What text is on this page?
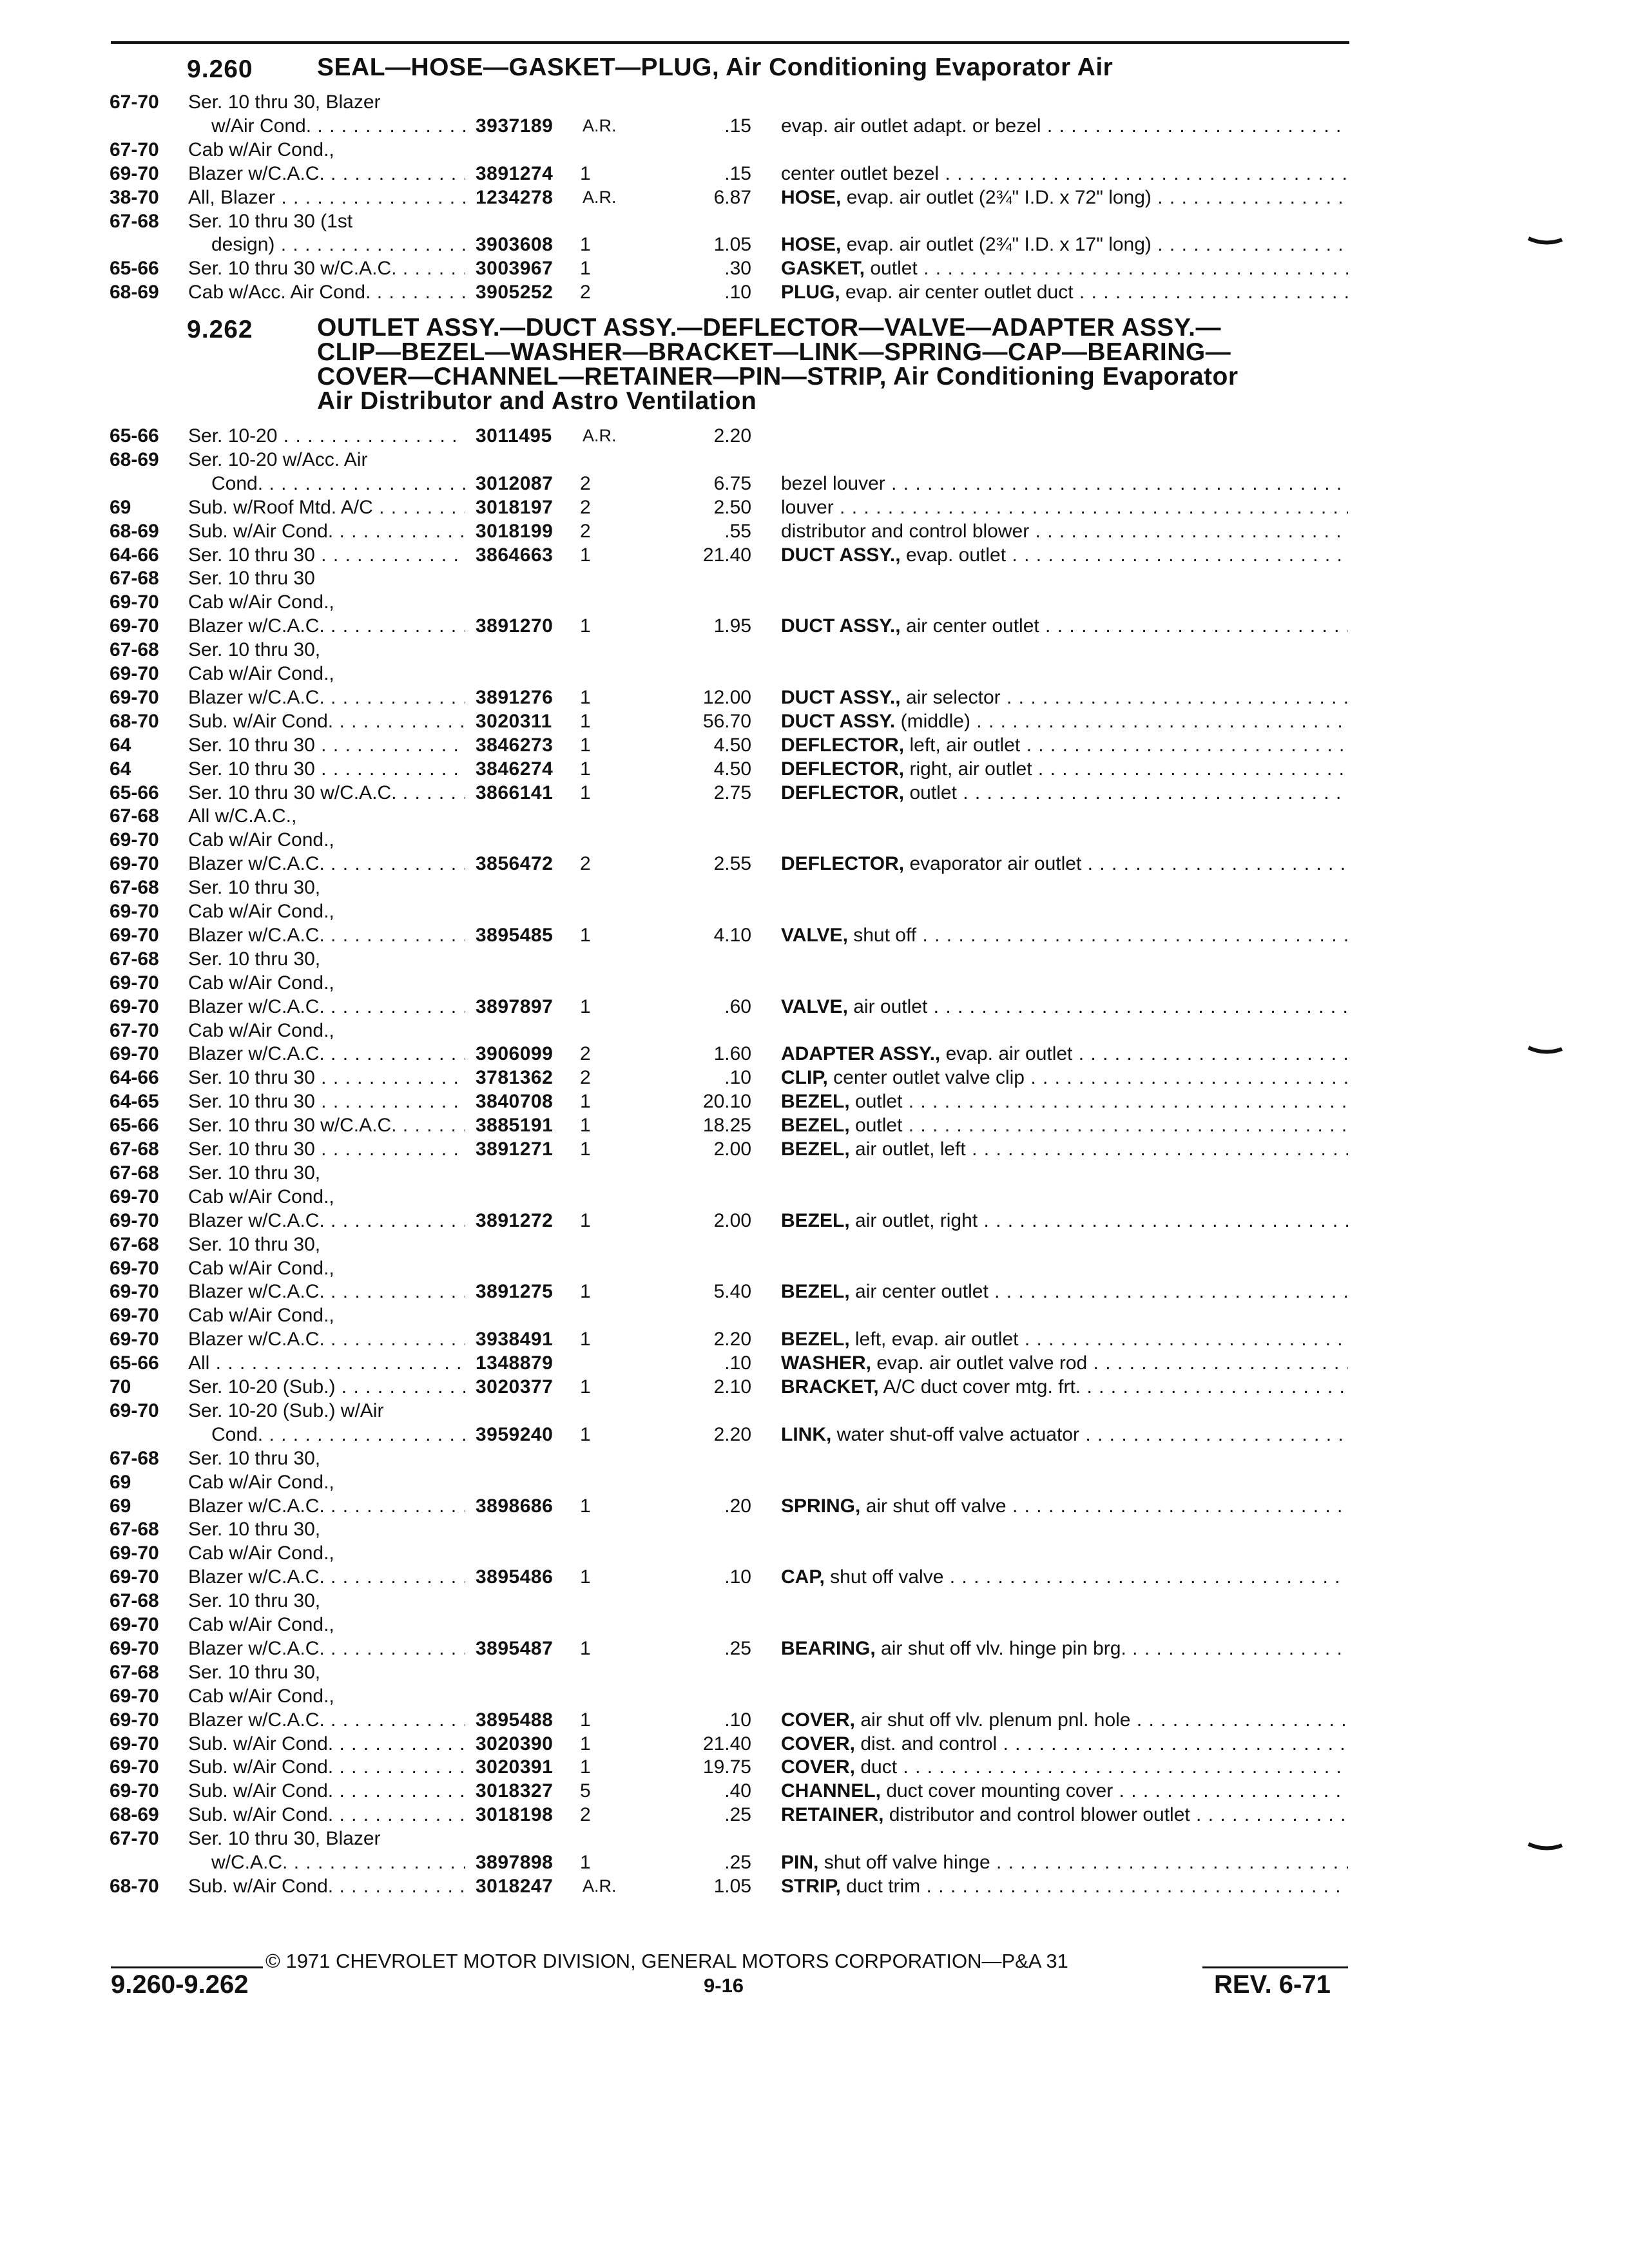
9.260	SEAL—HOSE—GASKET—PLUG, Air Conditioning Evaporator Air
67-70 Ser. 10 thru 30, Blazer
w/Air Cond. . . .	3937189 A.R.	.15 evap. air outlet adapt. or bezel . . .
67-70 Cab w/Air Cond.,
69-70 Blazer w/C.A.C. . . .	3891274 1	.15 center outlet bezel . . .
38-70 All, Blazer . . .	1234278 A.R.	6.87 HOSE, evap. air outlet (2¾" I.D. x 72" long) . . .
67-68 Ser. 10 thru 30 (1st
design) . . .	3903608 1	1.05 HOSE, evap. air outlet (2¾" I.D. x 17" long) . . .
65-66 Ser. 10 thru 30 w/C.A.C. . . .	3003967 1	.30 GASKET, outlet . . .
68-69 Cab w/Acc. Air Cond. . . .	3905252 2	.10 PLUG, evap. air center outlet duct . . .
9.262	OUTLET ASSY.—DUCT ASSY.—DEFLECTOR—VALVE—ADAPTER ASSY.—
CLIP—BEZEL—WASHER—BRACKET—LINK—SPRING—CAP—BEARING—
COVER—CHANNEL—RETAINER—PIN—STRIP, Air Conditioning Evaporator
Air Distributor and Astro Ventilation
65-66 Ser. 10-20 . . .	3011495 A.R.	2.20
68-69 Ser. 10-20 w/Acc. Air
Cond. . . .	3012087 2	6.75 bezel louver . . .
69	Sub. w/Roof Mtd. A/C . . .	3018197 2	2.50 louver . . .
68-69 Sub. w/Air Cond. . . .	3018199 2	.55 distributor and control blower . . .
64-66 Ser. 10 thru 30 . . .	3864663 1	21.40 DUCT ASSY., evap. outlet . . .
67-68 Ser. 10 thru 30
69-70 Cab w/Air Cond.,
69-70 Blazer w/C.A.C. . . .	3891270 1	1.95 DUCT ASSY., air center outlet . . .
67-68 Ser. 10 thru 30,
69-70 Cab w/Air Cond.,
69-70 Blazer w/C.A.C. . . .	3891276 1	12.00 DUCT ASSY., air selector . . .
68-70 Sub. w/Air Cond. . . .	3020311 1	56.70 DUCT ASSY. (middle) . . .
64	Ser. 10 thru 30 . . .	3846273 1	4.50 DEFLECTOR, left, air outlet . . .
64	Ser. 10 thru 30 . . .	3846274 1	4.50 DEFLECTOR, right, air outlet . . .
65-66 Ser. 10 thru 30 w/C.A.C. . . .	3866141 1	2.75 DEFLECTOR, outlet . . .
67-68 All w/C.A.C.,
69-70 Cab w/Air Cond.,
69-70 Blazer w/C.A.C. . . .	3856472 2	2.55 DEFLECTOR, evaporator air outlet . . .
67-68 Ser. 10 thru 30,
69-70 Cab w/Air Cond.,
69-70 Blazer w/C.A.C. . . .	3895485 1	4.10 VALVE, shut off . . .
67-68 Ser. 10 thru 30,
69-70 Cab w/Air Cond.,
69-70 Blazer w/C.A.C. . . .	3897897 1	.60 VALVE, air outlet . . .
67-70 Cab w/Air Cond.,
69-70 Blazer w/C.A.C. . . .	3906099 2	1.60 ADAPTER ASSY., evap. air outlet . . .
64-66 Ser. 10 thru 30 . . .	3781362 2	.10 CLIP, center outlet valve clip . . .
64-65 Ser. 10 thru 30 . . .	3840708 1	20.10 BEZEL, outlet . . .
65-66 Ser. 10 thru 30 w/C.A.C. . . .	3885191 1	18.25 BEZEL, outlet . . .
67-68 Ser. 10 thru 30 . . .	3891271 1	2.00 BEZEL, air outlet, left . . .
67-68 Ser. 10 thru 30,
69-70 Cab w/Air Cond.,
69-70 Blazer w/C.A.C. . . .	3891272 1	2.00 BEZEL, air outlet, right . . .
67-68 Ser. 10 thru 30,
69-70 Cab w/Air Cond.,
69-70 Blazer w/C.A.C. . . .	3891275 1	5.40 BEZEL, air center outlet . . .
69-70 Cab w/Air Cond.,
69-70 Blazer w/C.A.C. . . .	3938491 1	2.20 BEZEL, left, evap. air outlet . . .
65-66 All . . .	1348879	.10 WASHER, evap. air outlet valve rod . . .
70	Ser. 10-20 (Sub.) . . .	3020377 1	2.10 BRACKET, A/C duct cover mtg. frt. . . .
69-70 Ser. 10-20 (Sub.) w/Air
Cond. . . .	3959240 1	2.20 LINK, water shut-off valve actuator . . .
67-68 Ser. 10 thru 30,
69	Cab w/Air Cond.,
69	Blazer w/C.A.C. . . .	3898686 1	.20 SPRING, air shut off valve . . .
67-68 Ser. 10 thru 30,
69-70 Cab w/Air Cond.,
69-70 Blazer w/C.A.C. . . .	3895486 1	.10 CAP, shut off valve . . .
67-68 Ser. 10 thru 30,
69-70 Cab w/Air Cond.,
69-70 Blazer w/C.A.C. . . .	3895487 1	.25 BEARING, air shut off vlv. hinge pin brg. . . .
67-68 Ser. 10 thru 30,
69-70 Cab w/Air Cond.,
69-70 Blazer w/C.A.C. . . .	3895488 1	.10 COVER, air shut off vlv. plenum pnl. hole . . .
69-70 Sub. w/Air Cond. . . .	3020390 1	21.40 COVER, dist. and control . . .
69-70 Sub. w/Air Cond. . . .	3020391 1	19.75 COVER, duct . . .
69-70 Sub. w/Air Cond. . . .	3018327 5	.40 CHANNEL, duct cover mounting cover . . .
68-69 Sub. w/Air Cond. . . .	3018198 2	.25 RETAINER, distributor and control blower outlet . . .
67-70 Ser. 10 thru 30, Blazer
w/C.A.C. . . .	3897898 1	.25 PIN, shut off valve hinge . . .
68-70 Sub. w/Air Cond. . . .	3018247 A.R.	1.05 STRIP, duct trim . . .
© 1971 CHEVROLET MOTOR DIVISION, GENERAL MOTORS CORPORATION—P&A 31
9.260-9.262	9-16	REV. 6-71
